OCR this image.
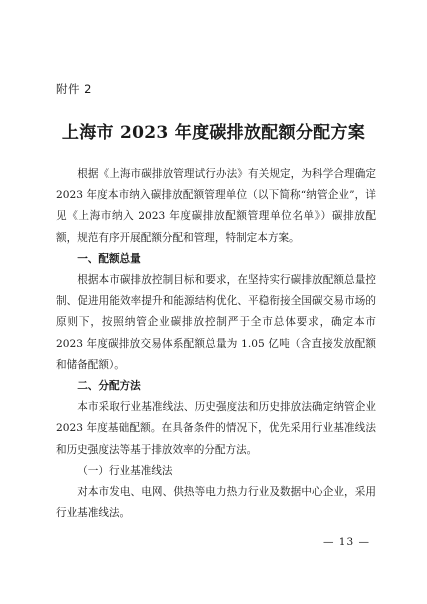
附件 2
上海市 2023 年度碳排放配额分配方案

根据《上海市碳排放管理试行办法》有关规定，为科学合理确定 2023 年度本市纳入碳排放配额管理单位（以下简称“纳管企业”，详见《上海市纳入 2023 年度碳排放配额管理单位名单》）碳排放配额，规范有序开展配额分配和管理，特制定本方案。

一、配额总量

根据本市碳排放控制目标和要求，在坚持实行碳排放配额总量控制、促进用能效率提升和能源结构优化、平稳衔接全国碳交易市场的原则下，按照纳管企业碳排放控制严于全市总体要求，确定本市 2023 年度碳排放交易体系配额总量为 1.05 亿吨（含直接发放配额和储备配额）。

二、分配方法

本市采取行业基准线法、历史强度法和历史排放法确定纳管企业 2023 年度基础配额。在具备条件的情况下，优先采用行业基准线法和历史强度法等基于排放效率的分配方法。

（一）行业基准线法

对本市发电、电网、供热等电力热力行业及数据中心企业，采用行业基准线法。

— 13 —
